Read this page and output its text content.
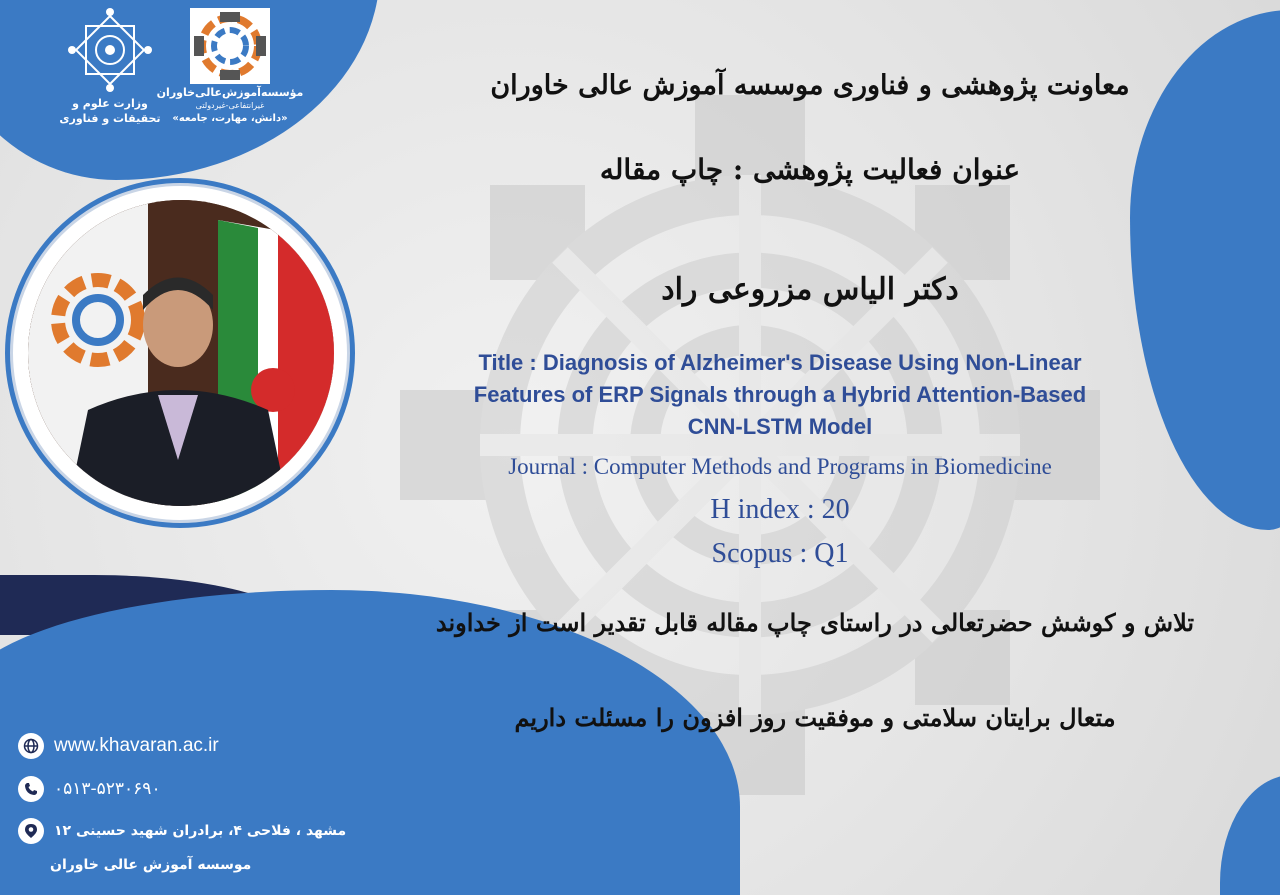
وزارت علوم و تحقیقات و فناوری
مؤسسه‌آموزش‌عالی‌خاوران
غیرانتفاعی-غیردولتی
«دانش، مهارت، جامعه»
معاونت پژوهشی و فناوری موسسه آموزش عالی خاوران
عنوان فعالیت پژوهشی : چاپ مقاله
دکتر الیاس مزروعی راد
Title : Diagnosis of Alzheimer's Disease Using Non-Linear
Features of ERP Signals through a Hybrid Attention-Based
CNN-LSTM Model
Journal : Computer Methods and Programs in Biomedicine
H index : 20
Scopus : Q1
تلاش و کوشش حضرتعالی در راستای چاپ مقاله قابل تقدیر است از خداوند
متعال برایتان سلامتی و موفقیت روز افزون را مسئلت داریم
www.khavaran.ac.ir
۰۵۱۳-۵۲۳۰۶۹۰
مشهد ، فلاحی ۴، برادران شهید حسینی ۱۲
موسسه آموزش عالی خاوران
